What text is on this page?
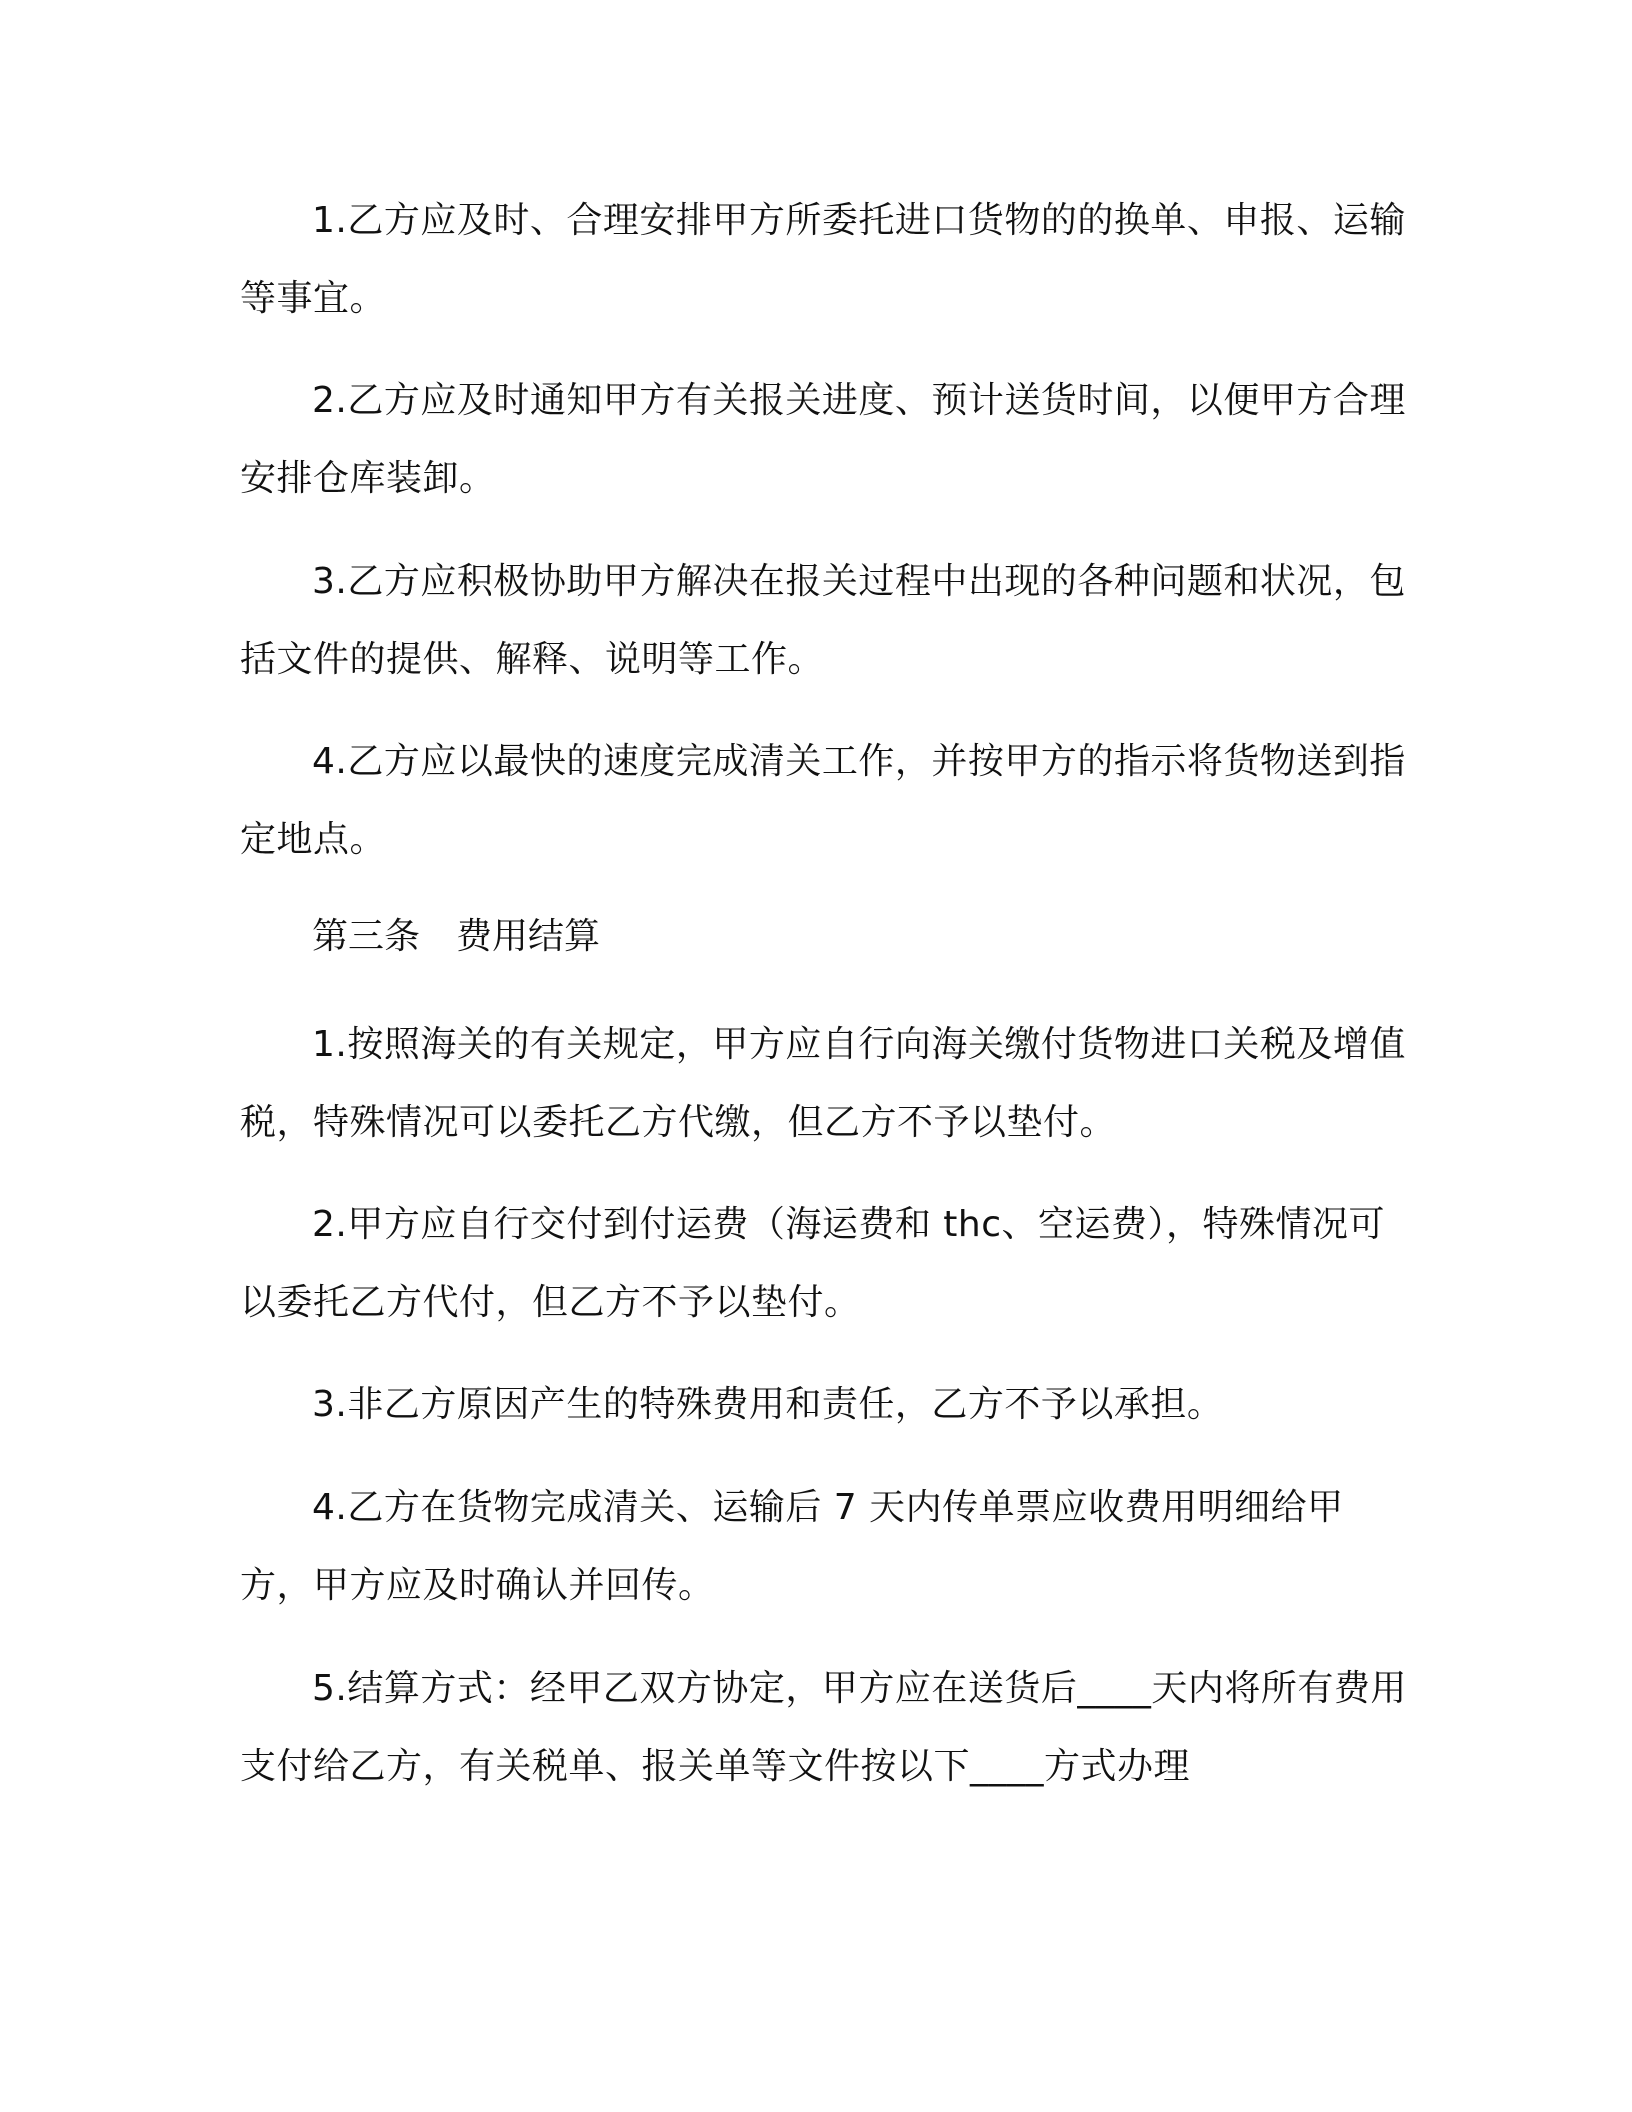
1.乙方应及时、合理安排甲方所委托进口货物的的换单、申报、运输等事宜。

2.乙方应及时通知甲方有关报关进度、预计送货时间，以便甲方合理安排仓库装卸。

3.乙方应积极协助甲方解决在报关过程中出现的各种问题和状况，包括文件的提供、解释、说明等工作。

4.乙方应以最快的速度完成清关工作，并按甲方的指示将货物送到指定地点。

第三条　费用结算

1.按照海关的有关规定，甲方应自行向海关缴付货物进口关税及增值税，特殊情况可以委托乙方代缴，但乙方不予以垫付。

2.甲方应自行交付到付运费（海运费和 thc、空运费），特殊情况可以委托乙方代付，但乙方不予以垫付。

3.非乙方原因产生的特殊费用和责任，乙方不予以承担。

4.乙方在货物完成清关、运输后 7 天内传单票应收费用明细给甲方，甲方应及时确认并回传。

5.结算方式：经甲乙双方协定，甲方应在送货后____天内将所有费用支付给乙方，有关税单、报关单等文件按以下____方式办理
